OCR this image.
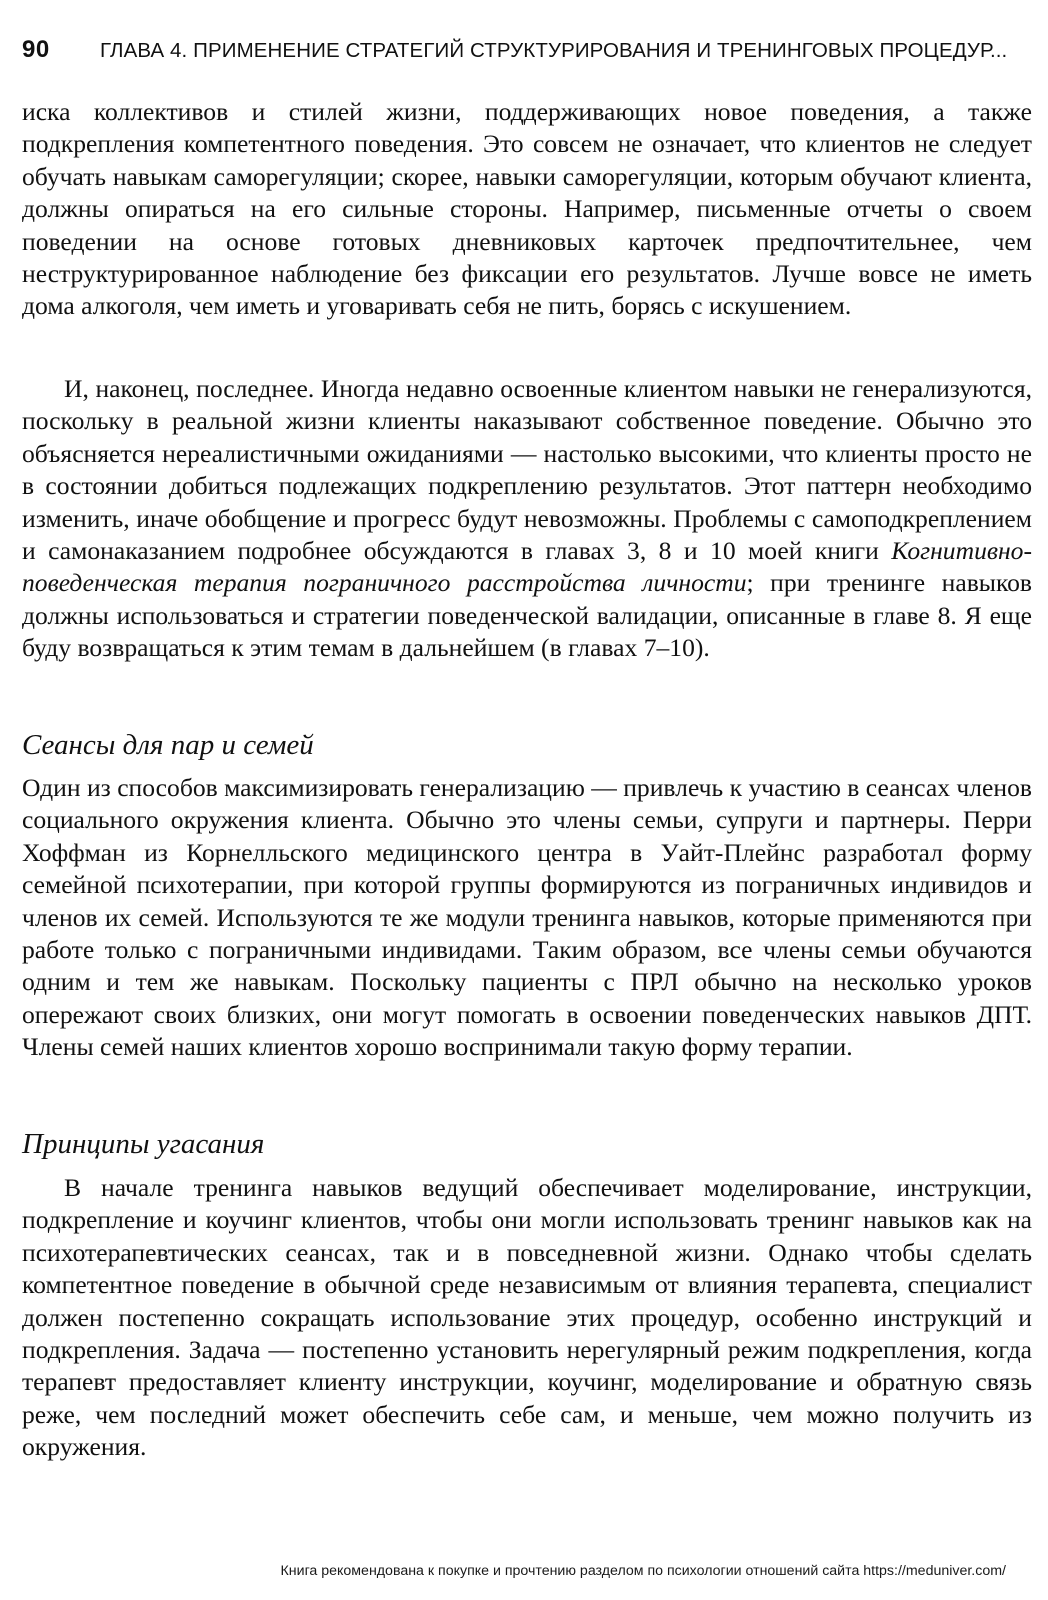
90	ГЛАВА 4. ПРИМЕНЕНИЕ СТРАТЕГИЙ СТРУКТУРИРОВАНИЯ И ТРЕНИНГОВЫХ ПРОЦЕДУР...

иска коллективов и стилей жизни, поддерживающих новое поведения, а также подкрепления компетентного поведения. Это совсем не означает, что клиентов не следует обучать навыкам саморегуляции; скорее, навыки саморегуляции, которым обучают клиента, должны опираться на его сильные стороны. Например, письменные отчеты о своем поведении на основе готовых дневниковых карточек предпочтительнее, чем неструктурированное наблюдение без фиксации его результатов. Лучше вовсе не иметь дома алкоголя, чем иметь и уговаривать себя не пить, борясь с искушением.

И, наконец, последнее. Иногда недавно освоенные клиентом навыки не генерализуются, поскольку в реальной жизни клиенты наказывают собственное поведение. Обычно это объясняется нереалистичными ожиданиями — настолько высокими, что клиенты просто не в состоянии добиться подлежащих подкреплению результатов. Этот паттерн необходимо изменить, иначе обобщение и прогресс будут невозможны. Проблемы с самоподкреплением и самонаказанием подробнее обсуждаются в главах 3, 8 и 10 моей книги Когнитивно-поведенческая терапия пограничного расстройства личности; при тренинге навыков должны использоваться и стратегии поведенческой валидации, описанные в главе 8. Я еще буду возвращаться к этим темам в дальнейшем (в главах 7–10).

Сеансы для пар и семей

Один из способов максимизировать генерализацию — привлечь к участию в сеансах членов социального окружения клиента. Обычно это члены семьи, супруги и партнеры. Перри Хоффман из Корнелльского медицинского центра в Уайт-Плейнс разработал форму семейной психотерапии, при которой группы формируются из пограничных индивидов и членов их семей. Используются те же модули тренинга навыков, которые применяются при работе только с пограничными индивидами. Таким образом, все члены семьи обучаются одним и тем же навыкам. Поскольку пациенты с ПРЛ обычно на несколько уроков опережают своих близких, они могут помогать в освоении поведенческих навыков ДПТ. Члены семей наших клиентов хорошо воспринимали такую форму терапии.

Принципы угасания

В начале тренинга навыков ведущий обеспечивает моделирование, инструкции, подкрепление и коучинг клиентов, чтобы они могли использовать тренинг навыков как на психотерапевтических сеансах, так и в повседневной жизни. Однако чтобы сделать компетентное поведение в обычной среде независимым от влияния терапевта, специалист должен постепенно сокращать использование этих процедур, особенно инструкций и подкрепления. Задача — постепенно установить нерегулярный режим подкрепления, когда терапевт предоставляет клиенту инструкции, коучинг, моделирование и обратную связь реже, чем последний может обеспечить себе сам, и меньше, чем можно получить из окружения.

Книга рекомендована к покупке и прочтению разделом по психологии отношений сайта https://meduniver.com/
